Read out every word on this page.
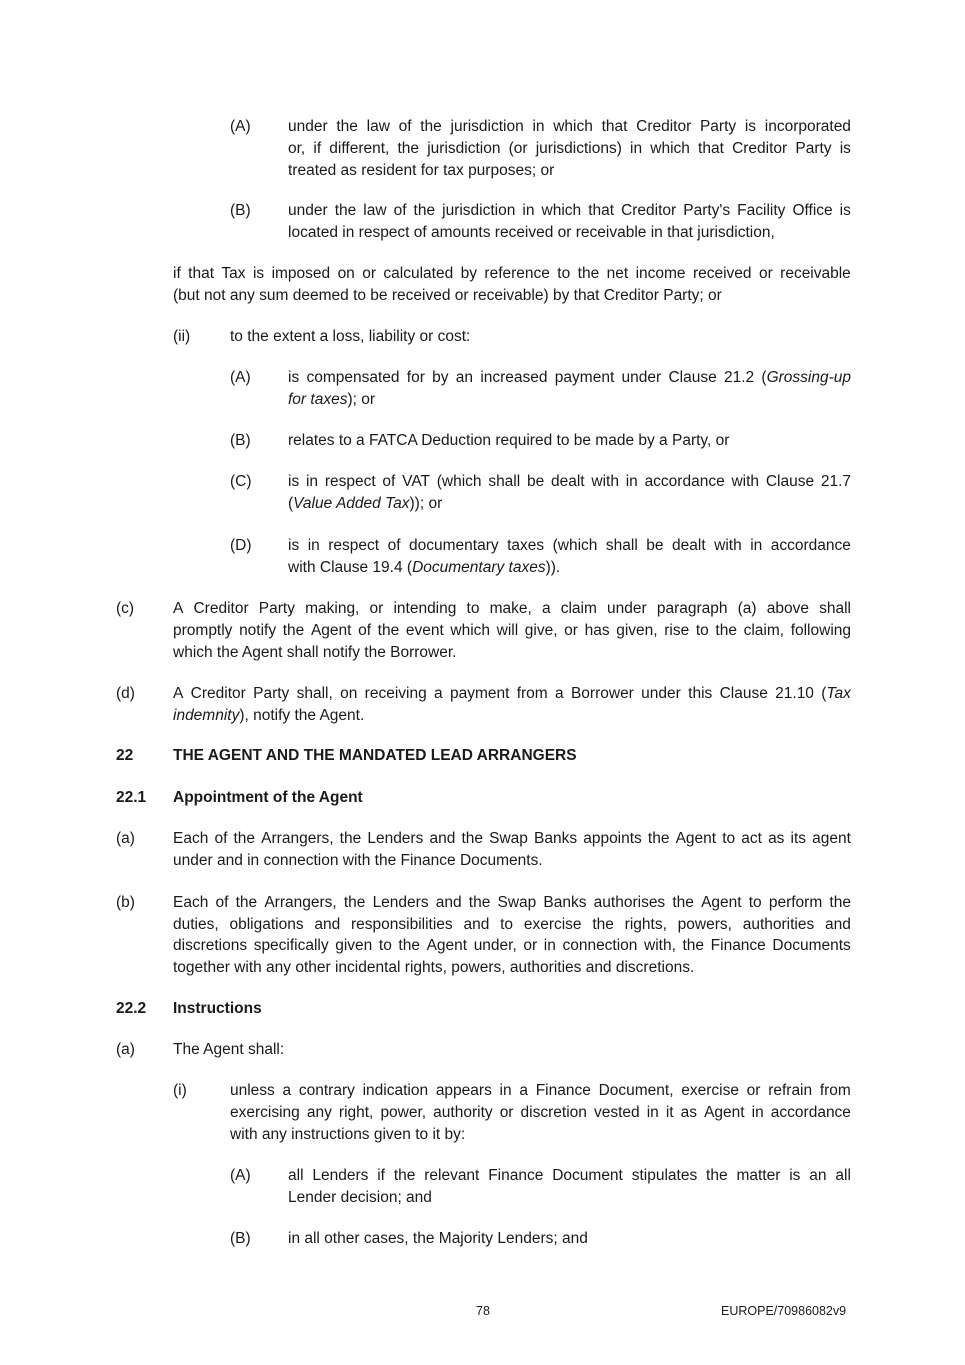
(A) under the law of the jurisdiction in which that Creditor Party is incorporated
or, if different, the jurisdiction (or jurisdictions) in which that Creditor Party is
treated as resident for tax purposes; or
(B) under the law of the jurisdiction in which that Creditor Party's Facility Office is
located in respect of amounts received or receivable in that jurisdiction,
if that Tax is imposed on or calculated by reference to the net income received or receivable
(but not any sum deemed to be received or receivable) by that Creditor Party; or
(ii)	to the extent a loss, liability or cost:
(A) is compensated for by an increased payment under Clause 21.2 (Grossing-up
for taxes); or
(B) relates to a FATCA Deduction required to be made by a Party, or
(C) is in respect of VAT (which shall be dealt with in accordance with Clause 21.7
(Value Added Tax)); or
(D) is in respect of documentary taxes (which shall be dealt with in accordance
with Clause 19.4 (Documentary taxes)).
(c)	A Creditor Party making, or intending to make, a claim under paragraph (a) above shall
promptly notify the Agent of the event which will give, or has given, rise to the claim, following
which the Agent shall notify the Borrower.
(d) A Creditor Party shall, on receiving a payment from a Borrower under this Clause 21.10 (Tax
indemnity), notify the Agent.
22	THE AGENT AND THE MANDATED LEAD ARRANGERS
22.1 Appointment of the Agent
(a) Each of the Arrangers, the Lenders and the Swap Banks appoints the Agent to act as its agent
under and in connection with the Finance Documents.
(b) Each of the Arrangers, the Lenders and the Swap Banks authorises the Agent to perform the
duties, obligations and responsibilities and to exercise the rights, powers, authorities and
discretions specifically given to the Agent under, or in connection with, the Finance Documents
together with any other incidental rights, powers, authorities and discretions.
22.2 Instructions
(a) The Agent shall:
(i)	unless a contrary indication appears in a Finance Document, exercise or refrain from
exercising any right, power, authority or discretion vested in it as Agent in accordance
with any instructions given to it by:
(A) all Lenders if the relevant Finance Document stipulates the matter is an all
Lender decision; and
(B) in all other cases, the Majority Lenders; and
78	EUROPE/70986082v9
